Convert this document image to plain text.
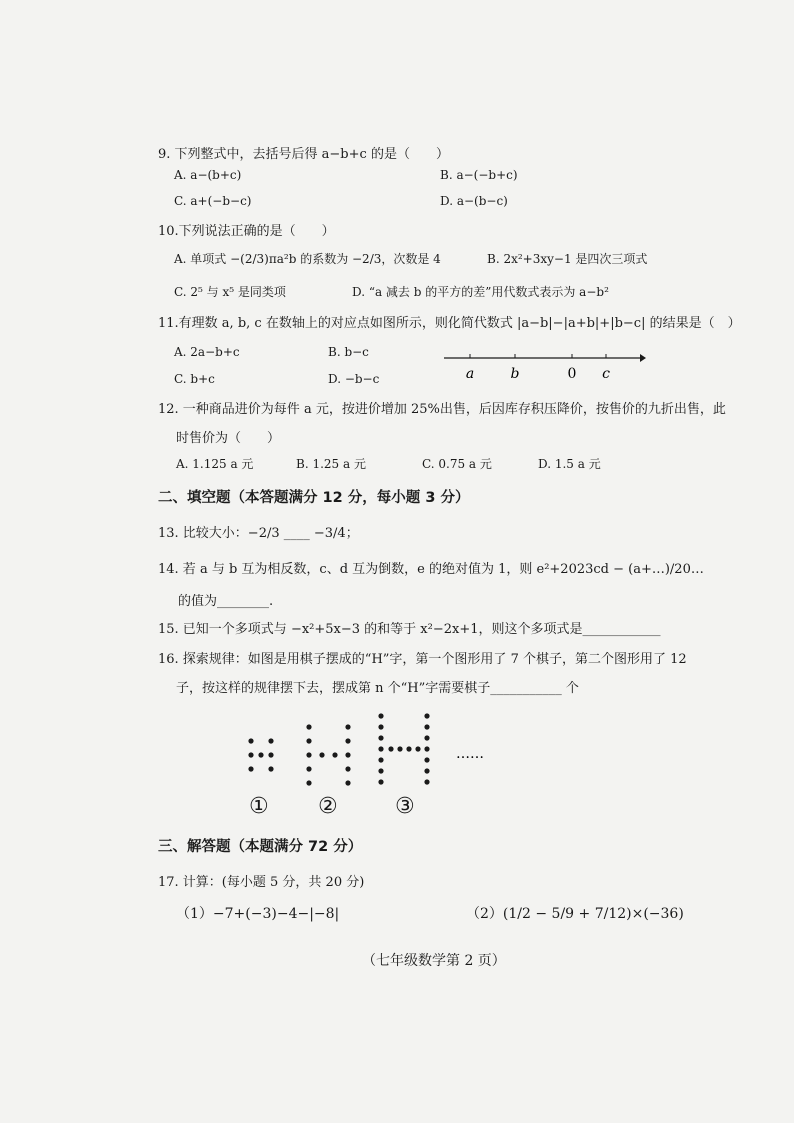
9. 下列整式中，去括号后得 a−b+c 的是（　　）
A. a−(b+c)	B. a−(−b+c)
C. a+(−b−c)	D. a−(b−c)
10.下列说法正确的是（　　）
A. 单项式 −(2/3)πa²b 的系数为 −2/3，次数是 4	B. 2x²+3xy−1 是四次三项式
C. 2⁵ 与 x⁵ 是同类项	D. “a 减去 b 的平方的差”用代数式表示为 a−b²
11.有理数 a, b, c 在数轴上的对应点如图所示，则化简代数式 |a−b|−|a+b|+|b−c| 的结果是（　）
A. 2a−b+c	B. b−c
C. b+c	D. −b−c	a	b	0 c
12. 一种商品进价为每件 a 元，按进价增加 25%出售，后因库存积压降价，按售价的九折出售，此
时售价为（　　）
A. 1.125 a 元	B. 1.25 a 元	C. 0.75 a 元	D. 1.5 a 元
二、填空题（本答题满分 12 分，每小题 3 分）
13. 比较大小：−2/3 ____ −3/4；
14. 若 a 与 b 互为相反数，c、d 互为倒数，e 的绝对值为 1，则 e²+2023cd − (a+…)/20…
的值为________.
15. 已知一个多项式与 −x²+5x−3 的和等于 x²−2x+1，则这个多项式是____________
16. 探索规律：如图是用棋子摆成的“H”字，第一个图形用了 7 个棋子，第二个图形用了 12
子，按这样的规律摆下去，摆成第 n 个“H”字需要棋子___________ 个
……
① ②	③
三、解答题（本题满分 72 分）
17. 计算：(每小题 5 分，共 20 分)
（1）−7+(−3)−4−|−8|	（2）(1/2 − 5/9 + 7/12)×(−36)
（七年级数学第 2 页）
